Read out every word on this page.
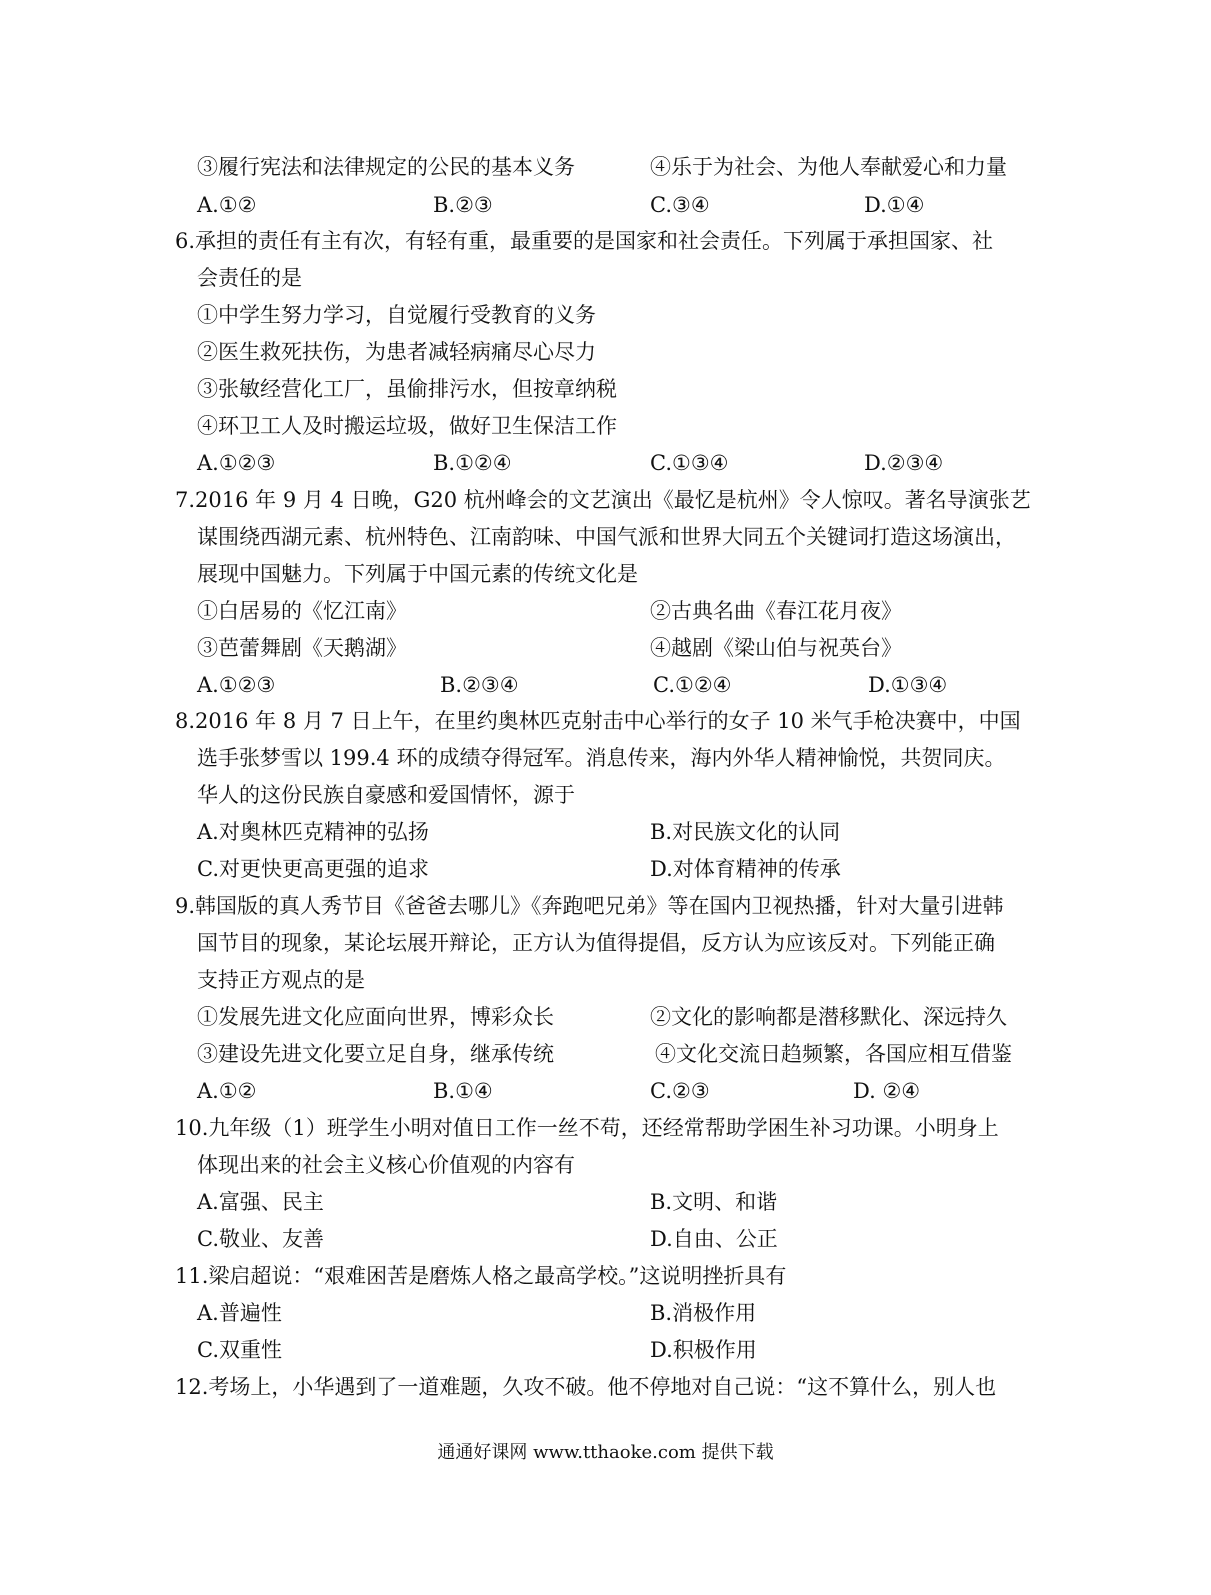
③履行宪法和法律规定的公民的基本义务	④乐于为社会、为他人奉献爱心和力量
A.①②	B.②③	C.③④	D.①④
6.承担的责任有主有次，有轻有重，最重要的是国家和社会责任。下列属于承担国家、社
会责任的是
①中学生努力学习，自觉履行受教育的义务
②医生救死扶伤，为患者减轻病痛尽心尽力
③张敏经营化工厂，虽偷排污水，但按章纳税
④环卫工人及时搬运垃圾，做好卫生保洁工作
A.①②③	B.①②④	C.①③④	D.②③④
7.2016 年 9 月 4 日晚，G20 杭州峰会的文艺演出《最忆是杭州》令人惊叹。著名导演张艺
谋围绕西湖元素、杭州特色、江南韵味、中国气派和世界大同五个关键词打造这场演出，
展现中国魅力。下列属于中国元素的传统文化是
①白居易的《忆江南》	②古典名曲《春江花月夜》
③芭蕾舞剧《天鹅湖》	④越剧《梁山伯与祝英台》
A.①②③	B.②③④	C.①②④	D.①③④
8.2016 年 8 月 7 日上午，在里约奥林匹克射击中心举行的女子 10 米气手枪决赛中，中国
选手张梦雪以 199.4 环的成绩夺得冠军。消息传来，海内外华人精神愉悦，共贺同庆。
华人的这份民族自豪感和爱国情怀，源于
A.对奥林匹克精神的弘扬	B.对民族文化的认同
C.对更快更高更强的追求	D.对体育精神的传承
9.韩国版的真人秀节目《爸爸去哪儿》《奔跑吧兄弟》等在国内卫视热播，针对大量引进韩
国节目的现象，某论坛展开辩论，正方认为值得提倡，反方认为应该反对。下列能正确
支持正方观点的是
①发展先进文化应面向世界，博彩众长	②文化的影响都是潜移默化、深远持久
③建设先进文化要立足自身，继承传统	④文化交流日趋频繁，各国应相互借鉴
A.①②	B.①④	C.②③	D. ②④
10.九年级（1）班学生小明对值日工作一丝不苟，还经常帮助学困生补习功课。小明身上
体现出来的社会主义核心价值观的内容有
A.富强、民主	B.文明、和谐
C.敬业、友善	D.自由、公正
11.梁启超说：“艰难困苦是磨炼人格之最高学校。”这说明挫折具有
A.普遍性	B.消极作用
C.双重性	D.积极作用
12.考场上，小华遇到了一道难题，久攻不破。他不停地对自己说：“这不算什么，别人也
通通好课网 www.tthaoke.com 提供下载
